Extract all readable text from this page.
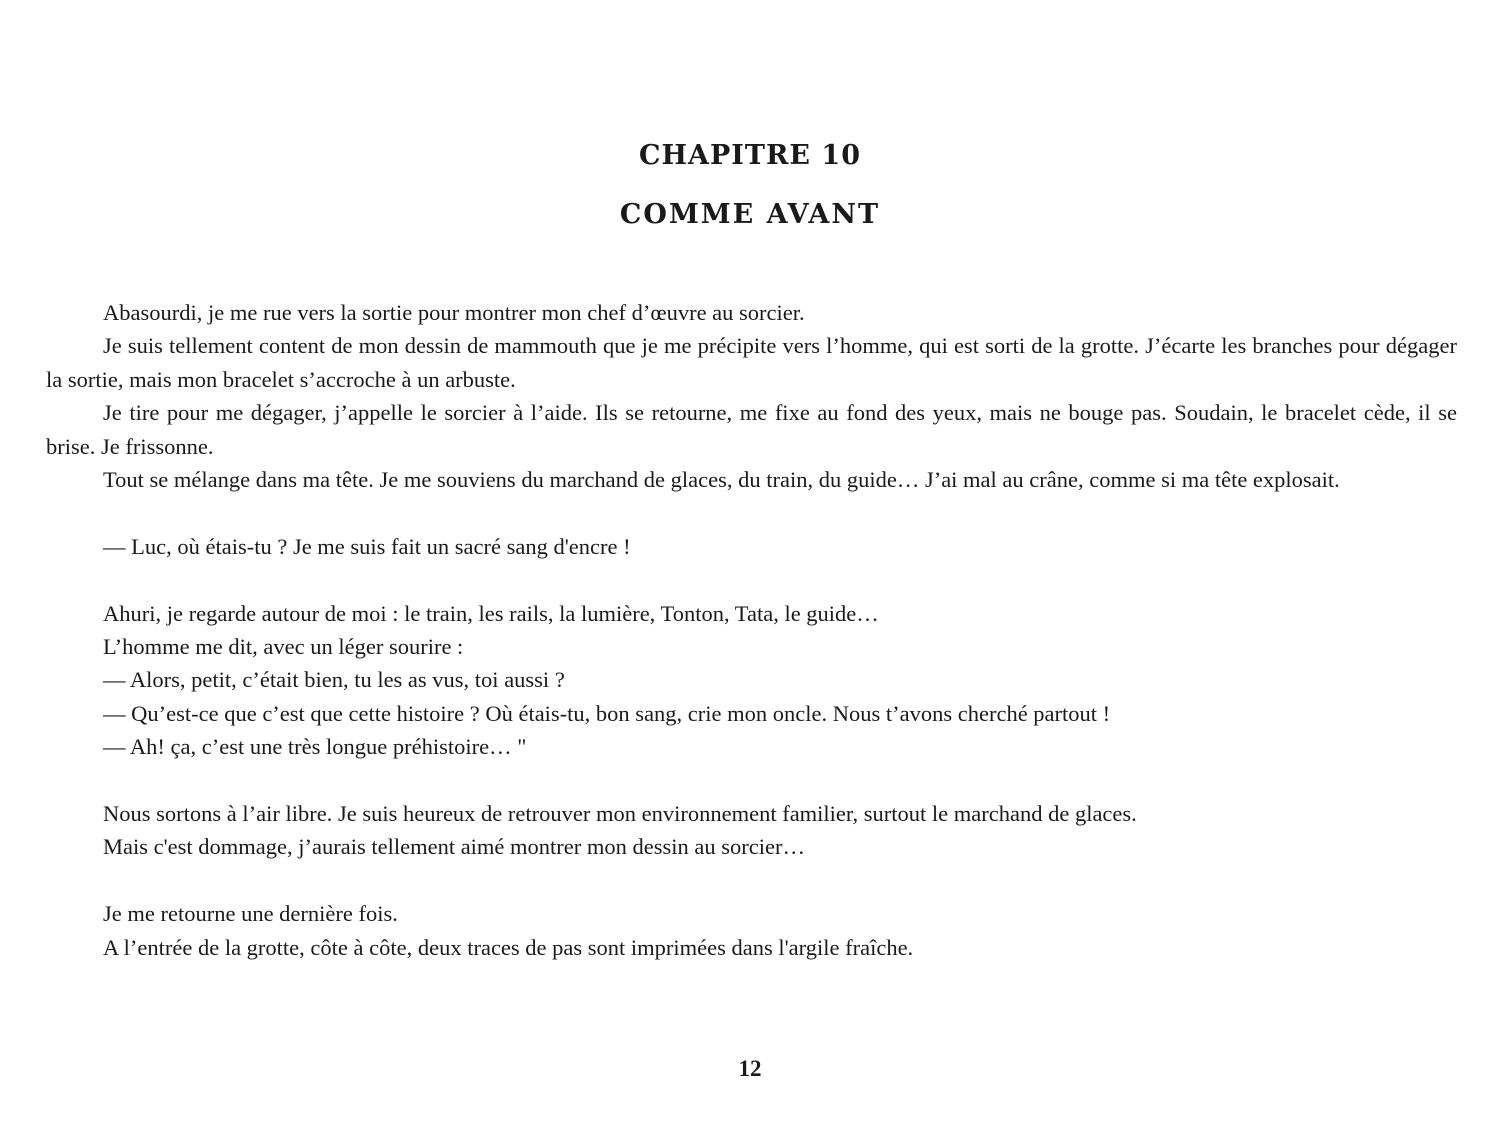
CHAPITRE 10
COMME AVANT

Abasourdi, je me rue vers la sortie pour montrer mon chef d’œuvre au sorcier.

Je suis tellement content de mon dessin de mammouth que je me précipite vers l’homme, qui est sorti de la grotte. J’écarte les branches pour dégager la sortie, mais mon bracelet s’accroche à un arbuste.

Je tire pour me dégager, j’appelle le sorcier à l’aide. Ils se retourne, me fixe au fond des yeux, mais ne bouge pas. Soudain, le bracelet cède, il se brise. Je frissonne.

Tout se mélange dans ma tête. Je me souviens du marchand de glaces, du train, du guide… J’ai mal au crâne, comme si ma tête explosait.

— Luc, où étais-tu ? Je me suis fait un sacré sang d'encre !

Ahuri, je regarde autour de moi : le train, les rails, la lumière, Tonton, Tata, le guide…

L’homme me dit, avec un léger sourire :

— Alors, petit, c’était bien, tu les as vus, toi aussi ?

— Qu’est-ce que c’est que cette histoire ? Où étais-tu, bon sang, crie mon oncle. Nous t’avons cherché partout !

— Ah! ça, c’est une très longue préhistoire… "

Nous sortons à l’air libre. Je suis heureux de retrouver mon environnement familier, surtout le marchand de glaces.

Mais c'est dommage, j’aurais tellement aimé montrer mon dessin au sorcier…

Je me retourne une dernière fois.

A l’entrée de la grotte, côte à côte, deux traces de pas sont imprimées dans l'argile fraîche.

12
